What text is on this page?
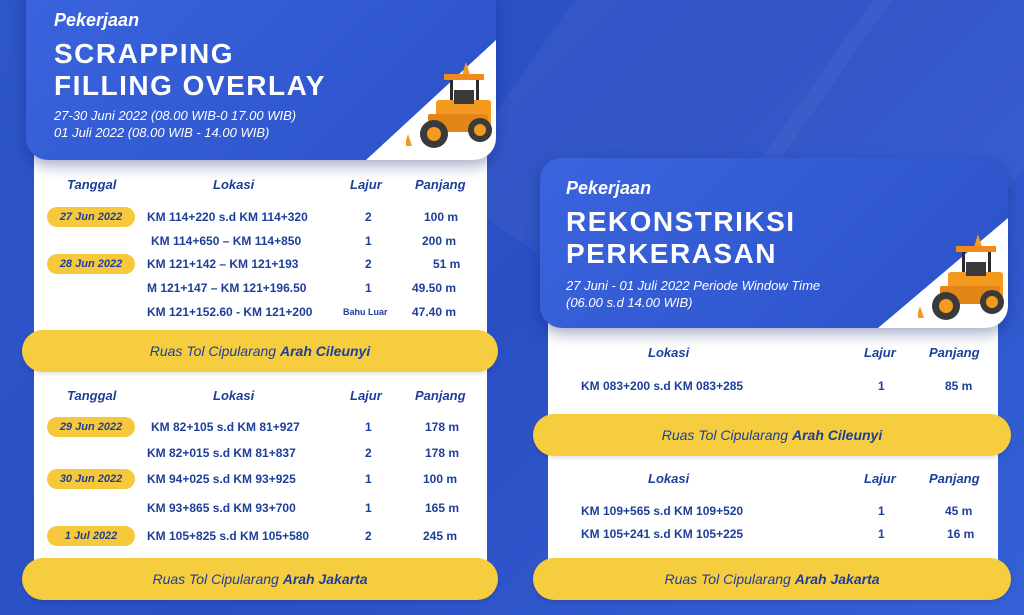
Pekerjaan
SCRAPPING
FILLING OVERLAY
27-30 Juni 2022 (08.00 WIB-0 17.00 WIB)
01 Juli 2022 (08.00 WIB - 14.00 WIB)
Tanggal	Lokasi	Lajur	Panjang
27 Jun 2022	KM 114+220 s.d KM 114+320	2	100 m
KM 114+650 – KM 114+850	1	200 m
28 Jun 2022	KM 121+142 – KM 121+193	2	51 m
M 121+147 – KM 121+196.50	1	49.50 m
KM 121+152.60 - KM 121+200	Bahu Luar 47.40 m
Ruas Tol Cipularang Arah Cileunyi
Tanggal	Lokasi	Lajur	Panjang
29 Jun 2022	KM 82+105 s.d KM 81+927	1	178 m
KM 82+015 s.d KM 81+837	2	178 m
30 Jun 2022	KM 94+025 s.d KM 93+925	1	100 m
KM 93+865 s.d KM 93+700	1	165 m
1 Jul 2022	KM 105+825 s.d KM 105+580	2	245 m
Ruas Tol Cipularang Arah Jakarta
Pekerjaan
REKONSTRIKSI
PERKERASAN
27 Juni - 01 Juli 2022 Periode Window Time
(06.00 s.d 14.00 WIB)
Lokasi	Lajur	Panjang
KM 083+200 s.d KM 083+285	1	85 m
Ruas Tol Cipularang Arah Cileunyi
Lokasi	Lajur	Panjang
KM 109+565 s.d KM 109+520	1	45 m
KM 105+241 s.d KM 105+225	1	16 m
Ruas Tol Cipularang Arah Jakarta
